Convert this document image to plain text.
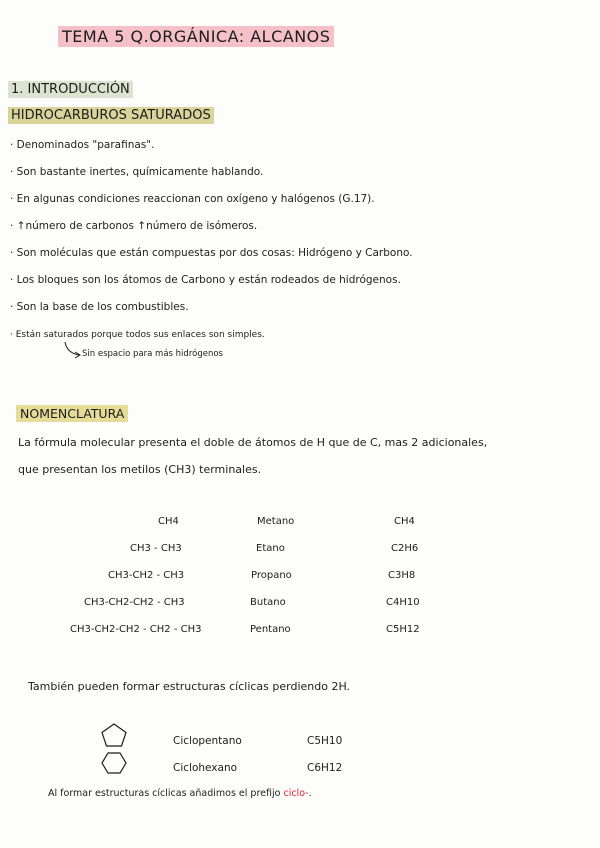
TEMA 5 Q.ORGÁNICA: ALCANOS
1. INTRODUCCIÓN
HIDROCARBUROS SATURADOS
· Denominados "parafinas".
· Son bastante inertes, químicamente hablando.
· En algunas condiciones reaccionan con oxígeno y halógenos (G.17).
· ↑número de carbonos ↑número de isómeros.
· Son moléculas que están compuestas por dos cosas: Hidrógeno y Carbono.
· Los bloques son los átomos de Carbono y están rodeados de hidrógenos.
· Son la base de los combustibles.
· Están saturados porque todos sus enlaces son simples.
Sin espacio para más hidrógenos
NOMENCLATURA
La fórmula molecular presenta el doble de átomos de H que de C, mas 2 adicionales,
que presentan los metilos (CH3) terminales.
CH4	Metano	CH4
CH3 - CH3	Etano	C2H6
CH3-CH2 - CH3	Propano	C3H8
CH3-CH2-CH2 - CH3	Butano	C4H10
CH3-CH2-CH2 - CH2 - CH3	Pentano	C5H12
También pueden formar estructuras cíclicas perdiendo 2H.
Ciclopentano	C5H10
Ciclohexano	C6H12
Al formar estructuras cíclicas añadimos el prefijo ciclo-.
